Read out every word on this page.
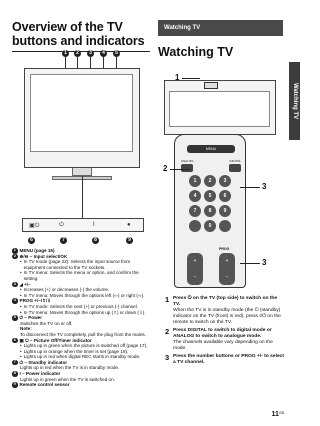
Overview of the TV
buttons and indicators
1	2	3	4	5
▣⏻	⏻	I	●
6	7	8	9
1 MENU (page 15)
2 ⊕/⊖ – Input select/OK
• In TV mode (page 22): Selects the input source from equipment connected to the TV sockets.
• In TV menu: Selects the menu or option, and confirm the setting.
3 ◢ +/–
• Increases (+) or decreases (-) the volume.
• In TV menu: Moves through the options left (⇦) or right (⇨).
4 PROG +/–/⇧/⇩
• In TV mode: Selects the next (+) or previous (-) channel.
• In TV menu: Moves through the options up (⇧) or down (⇩).
5 ⏻ – Power
Switches the TV on or off.
Note:
To disconnect the TV completely, pull the plug from the mains.
6 ▣ ⏻ – Picture Off/Timer indicator
• Lights up in green when the picture is switched off (page 17).
• Lights up in orange when the timer is set (page 18).
• Lights up in red when digital REC starts in standby mode.
7 ⏻ – Standby indicator
Lights up in red when the TV is in standby mode.
8 I – Power indicator
Lights up in green when the TV is switched on.
9 Remote control sensor
Watching TV
Watching TV
1
MENU
ANALOG	DIGITAL
1	2	3
4	5	6
7	8	9
0
+
−
+
−
PROG
2
3
3
1 Press ⏻ on the TV (top side) to switch on the TV.
When the TV is in standby mode (the ⏻ (standby) indicator on the TV (front) is red), press I/⏻ on the remote to switch on the TV.
2 Press DIGITAL to switch to digital mode or ANALOG to switch to analogue mode.
The channels available vary depending on the mode.
3 Press the number buttons or PROG +/- to select a TV channel.
Watching TV
$11^{GB}$
